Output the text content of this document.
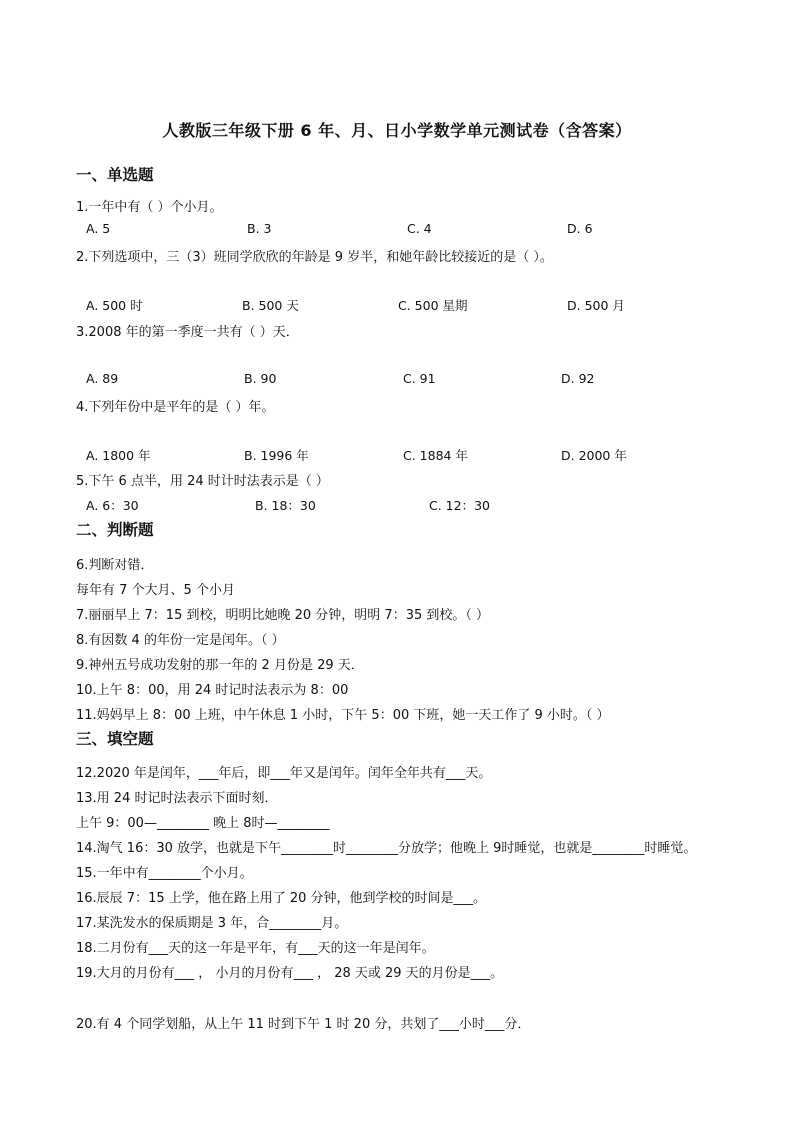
人教版三年级下册 6 年、月、日小学数学单元测试卷（含答案）
一、单选题
1.一年中有（ ）个小月。
A. 5	B. 3	C. 4	D. 6
2.下列选项中，三（3）班同学欣欣的年龄是 9 岁半，和她年龄比较接近的是（ ）。
A. 500 时	B. 500 天	C. 500 星期	D. 500 月
3.2008 年的第一季度一共有（ ）天．
A. 89	B. 90	C. 91	D. 92
4.下列年份中是平年的是（ ）年。
A. 1800 年	B. 1996 年	C. 1884 年	D. 2000 年
5.下午 6 点半，用 24 时计时法表示是（ ）
A. 6：30	B. 18：30	C. 12：30
二、判断题
6.判断对错．
每年有 7 个大月、5 个小月
7.丽丽早上 7：15 到校，明明比她晚 20 分钟，明明 7：35 到校。（ ）
8.有因数 4 的年份一定是闰年。（ ）
9.神州五号成功发射的那一年的 2 月份是 29 天．
10.上午 8：00，用 24 时记时法表示为 8：00
11.妈妈早上 8：00 上班，中午休息 1 小时，下午 5：00 下班，她一天工作了 9 小时。（ ）
三、填空题
12.2020 年是闰年，___年后，即___年又是闰年。闰年全年共有___天。
13.用 24 时记时法表示下面时刻．
上午 9：00—________ 晚上 8时—________
14.淘气 16：30 放学，也就是下午________时________分放学；他晚上 9时睡觉，也就是________时睡觉。
15.一年中有________个小月。
16.辰辰 7：15 上学，他在路上用了 20 分钟，他到学校的时间是___。
17.某洗发水的保质期是 3 年，合________月。
18.二月份有___天的这一年是平年，有___天的这一年是闰年。
19.大月的月份有___ ， 小月的月份有___ ， 28 天或 29 天的月份是___。
20.有 4 个同学划船，从上午 11 时到下午 1 时 20 分，共划了___小时___分．
